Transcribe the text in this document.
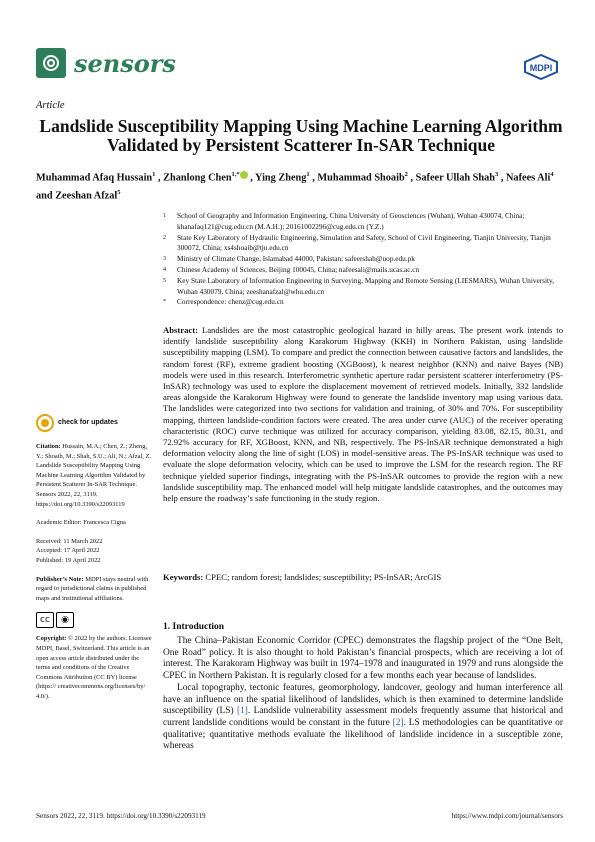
sensors	MDPI
Article
Landslide Susceptibility Mapping Using Machine Learning Algorithm Validated by Persistent Scatterer In-SAR Technique
Muhammad Afaq Hussain$^1$ , Zhanlong Chen$^{1,*}$ , Ying Zheng$^1$ , Muhammad Shoaib$^2$ , Safeer Ullah Shah$^3$ , Nafees Ali$^4$ and Zeeshan Afzal$^5$
1	School of Geography and Information Engineering, China University of Geosciences (Wuhan), Wuhan 430074, China; khanafaq121@cug.edu.cn (M.A.H.); 20161002296@cug.edu.cn (Y.Z.)
2	State Key Laboratory of Hydraulic Engineering, Simulation and Safety, School of Civil Engineering, Tianjin University, Tianjin 300072, China; xs4shoaib@tju.edu.cn
3	Ministry of Climate Change, Islamabad 44000, Pakistan; safeershah@uop.edu.pk
4	Chinese Academy of Sciences, Beijing 100045, China; nafeesali@mails.ucas.ac.cn
5	Key State Laboratory of Information Engineering in Surveying, Mapping and Remote Sensing (LIESMARS), Wuhan University, Wuhan 430079, China; zeeshanafzal@whu.edu.cn
*	Correspondence: chenz@cug.edu.cn
Abstract: Landslides are the most catastrophic geological hazard in hilly areas. The present work intends to identify landslide susceptibility along Karakorum Highway (KKH) in Northern Pakistan, using landslide susceptibility mapping (LSM). To compare and predict the connection between causative factors and landslides, the random forest (RF), extreme gradient boosting (XGBoost), k nearest neighbor (KNN) and naive Bayes (NB) models were used in this research. Interferometric synthetic aperture radar persistent scatterer interferometry (PS-InSAR) technology was used to explore the displacement movement of retrieved models. Initially, 332 landslide areas alongside the Karakorum Highway were found to generate the landslide inventory map using various data. The landslides were categorized into two sections for validation and training, of 30% and 70%. For susceptibility mapping, thirteen landslide-condition factors were created. The area under curve (AUC) of the receiver operating characteristic (ROC) curve technique was utilized for accuracy comparison, yielding 83.08, 82.15, 80.31, and 72.92% accuracy for RF, XGBoost, KNN, and NB, respectively. The PS-InSAR technique demonstrated a high deformation velocity along the line of sight (LOS) in model-sensitive areas. The PS-InSAR technique was used to evaluate the slope deformation velocity, which can be used to improve the LSM for the research region. The RF technique yielded superior findings, integrating with the PS-InSAR outcomes to provide the region with a new landslide susceptibility map. The enhanced model will help mitigate landslide catastrophes, and the outcomes may help ensure the roadway’s safe functioning in the study region.
Keywords: CPEC; random forest; landslides; susceptibility; PS-InSAR; ArcGIS
check for updates
Citation: Hussain, M.A.; Chen, Z.; Zheng, Y.; Shoaib, M.; Shah, S.U.; Ali, N.; Afzal, Z. Landslide Susceptibility Mapping Using Machine Learning Algorithm Validated by Persistent Scatterer In-SAR Technique. Sensors 2022, 22, 3119. https://doi.org/10.3390/s22093119
Academic Editor: Francesca Cigna
Received: 11 March 2022
Accepted: 17 April 2022
Published: 19 April 2022
Publisher’s Note: MDPI stays neutral with regard to jurisdictional claims in published maps and institutional affiliations.
cc	◉
Copyright: © 2022 by the authors. Licensee MDPI, Basel, Switzerland. This article is an open access article distributed under the terms and conditions of the Creative Commons Attribution (CC BY) license (https:// creativecommons.org/licenses/by/ 4.0/).
1. Introduction

The China–Pakistan Economic Corridor (CPEC) demonstrates the flagship project of the “One Belt, One Road” policy. It is also thought to hold Pakistan’s financial prospects, which are receiving a lot of interest. The Karakoram Highway was built in 1974–1978 and inaugurated in 1979 and runs alongside the CPEC in Northern Pakistan. It is regularly closed for a few months each year because of landslides.

Local topography, tectonic features, geomorphology, landcover, geology and human interference all have an influence on the spatial likelihood of landslides, which is then examined to determine landslide susceptibility (LS) [1]. Landslide vulnerability assessment models frequently assume that historical and current landslide conditions would be constant in the future [2]. LS methodologies can be quantitative or qualitative; quantitative methods evaluate the likelihood of landslide incidence in a susceptible zone, whereas

Sensors 2022, 22, 3119. https://doi.org/10.3390/s22093119	https://www.mdpi.com/journal/sensors
